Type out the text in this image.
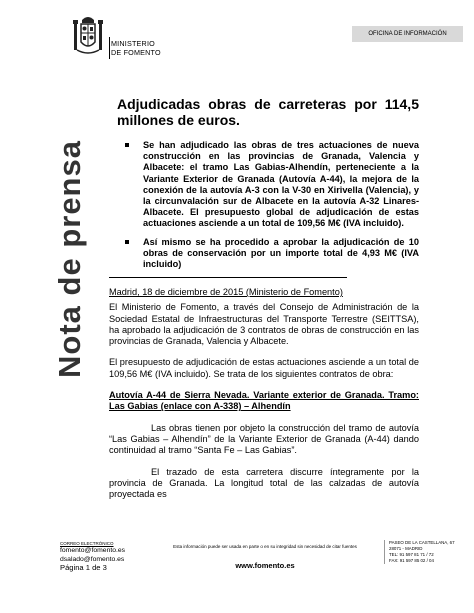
MINISTERIO
DE FOMENTO
OFICINA DE INFORMACIÓN
Nota de prensa
Adjudicadas obras de carreteras por 114,5 millones de euros.
Se han adjudicado las obras de tres actuaciones de nueva construcción en las provincias de Granada, Valencia y Albacete: el tramo Las Gabias-Alhendín, perteneciente a la Variante Exterior de Granada (Autovía A-44), la mejora de la conexión de la autovía A-3 con la V-30 en Xirivella (Valencia), y la circunvalación sur de Albacete en la autovía A-32 Linares-Albacete. El presupuesto global de adjudicación de estas actuaciones asciende a un total de 109,56 M€ (IVA incluido).
Así mismo se ha procedido a aprobar la adjudicación de 10 obras de conservación por un importe total de 4,93 M€ (IVA incluido)
Madrid, 18 de diciembre de 2015 (Ministerio de Fomento)

El Ministerio de Fomento, a través del Consejo de Administración de la Sociedad Estatal de Infraestructuras del Transporte Terrestre (SEITTSA), ha aprobado la adjudicación de 3 contratos de obras de construcción en las provincias de Granada, Valencia y Albacete.

El presupuesto de adjudicación de estas actuaciones asciende a un total de 109,56 M€ (IVA incluido). Se trata de los siguientes contratos de obra:

Autovía A-44 de Sierra Nevada. Variante exterior de Granada. Tramo: Las Gabias (enlace con A-338) – Alhendín

Las obras tienen por objeto la construcción del tramo de autovía “Las Gabias – Alhendín” de la Variante Exterior de Granada (A-44) dando continuidad al tramo “Santa Fe – Las Gabias”.

El trazado de esta carretera discurre íntegramente por la provincia de Granada. La longitud total de las calzadas de autovía proyectada es

CORREO ELECTRÓNICO
fomento@fomento.es
dsalado@fomento.es
Página 1 de 3
Esta información puede ser usada en parte o en su integridad sin necesidad de citar fuentes
www.fomento.es
PASEO DE LA CASTELLANA, 67
28071 - MADRID
TEL: 91 597 81 71 / 72
FAX: 91 597 85 02 / 04
